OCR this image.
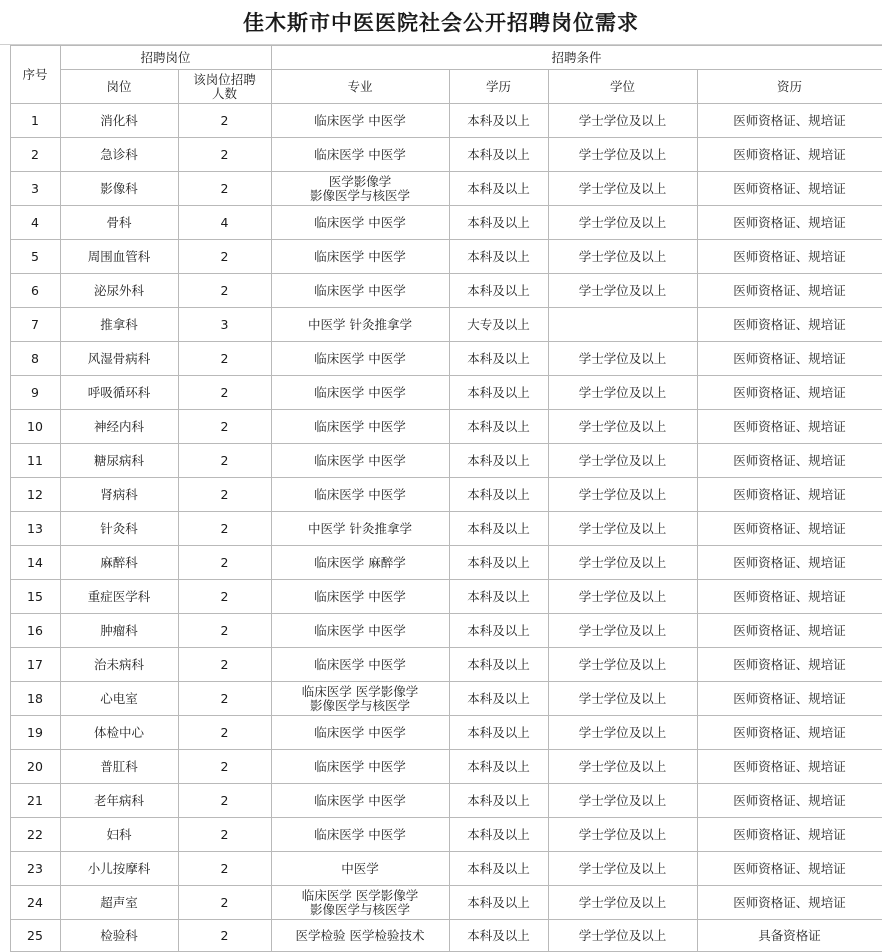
佳木斯市中医医院社会公开招聘岗位需求
	序号	招聘岗位		招聘条件			
		岗位	该岗位招聘
人数	专业	学历	学位	资历
	1	消化科	2	临床医学 中医学	本科及以上	学士学位及以上	医师资格证、规培证
	2	急诊科	2	临床医学 中医学	本科及以上	学士学位及以上	医师资格证、规培证
	3	影像科	2	医学影像学
影像医学与核医学	本科及以上	学士学位及以上	医师资格证、规培证
	4	骨科	4	临床医学 中医学	本科及以上	学士学位及以上	医师资格证、规培证
	5	周围血管科	2	临床医学 中医学	本科及以上	学士学位及以上	医师资格证、规培证
	6	泌尿外科	2	临床医学 中医学	本科及以上	学士学位及以上	医师资格证、规培证
	7	推拿科	3	中医学 针灸推拿学	大专及以上		医师资格证、规培证
	8	风湿骨病科	2	临床医学 中医学	本科及以上	学士学位及以上	医师资格证、规培证
	9	呼吸循环科	2	临床医学 中医学	本科及以上	学士学位及以上	医师资格证、规培证
	10	神经内科	2	临床医学 中医学	本科及以上	学士学位及以上	医师资格证、规培证
	11	糖尿病科	2	临床医学 中医学	本科及以上	学士学位及以上	医师资格证、规培证
	12	肾病科	2	临床医学 中医学	本科及以上	学士学位及以上	医师资格证、规培证
	13	针灸科	2	中医学 针灸推拿学	本科及以上	学士学位及以上	医师资格证、规培证
	14	麻醉科	2	临床医学 麻醉学	本科及以上	学士学位及以上	医师资格证、规培证
	15	重症医学科	2	临床医学 中医学	本科及以上	学士学位及以上	医师资格证、规培证
	16	肿瘤科	2	临床医学 中医学	本科及以上	学士学位及以上	医师资格证、规培证
	17	治未病科	2	临床医学 中医学	本科及以上	学士学位及以上	医师资格证、规培证
	18	心电室	2	临床医学 医学影像学
影像医学与核医学	本科及以上	学士学位及以上	医师资格证、规培证
	19	体检中心	2	临床医学 中医学	本科及以上	学士学位及以上	医师资格证、规培证
	20	普肛科	2	临床医学 中医学	本科及以上	学士学位及以上	医师资格证、规培证
	21	老年病科	2	临床医学 中医学	本科及以上	学士学位及以上	医师资格证、规培证
	22	妇科	2	临床医学 中医学	本科及以上	学士学位及以上	医师资格证、规培证
	23	小儿按摩科	2	中医学	本科及以上	学士学位及以上	医师资格证、规培证
	24	超声室	2	临床医学 医学影像学
影像医学与核医学	本科及以上	学士学位及以上	医师资格证、规培证
	25	检验科	2	医学检验 医学检验技术	本科及以上	学士学位及以上	具备资格证
